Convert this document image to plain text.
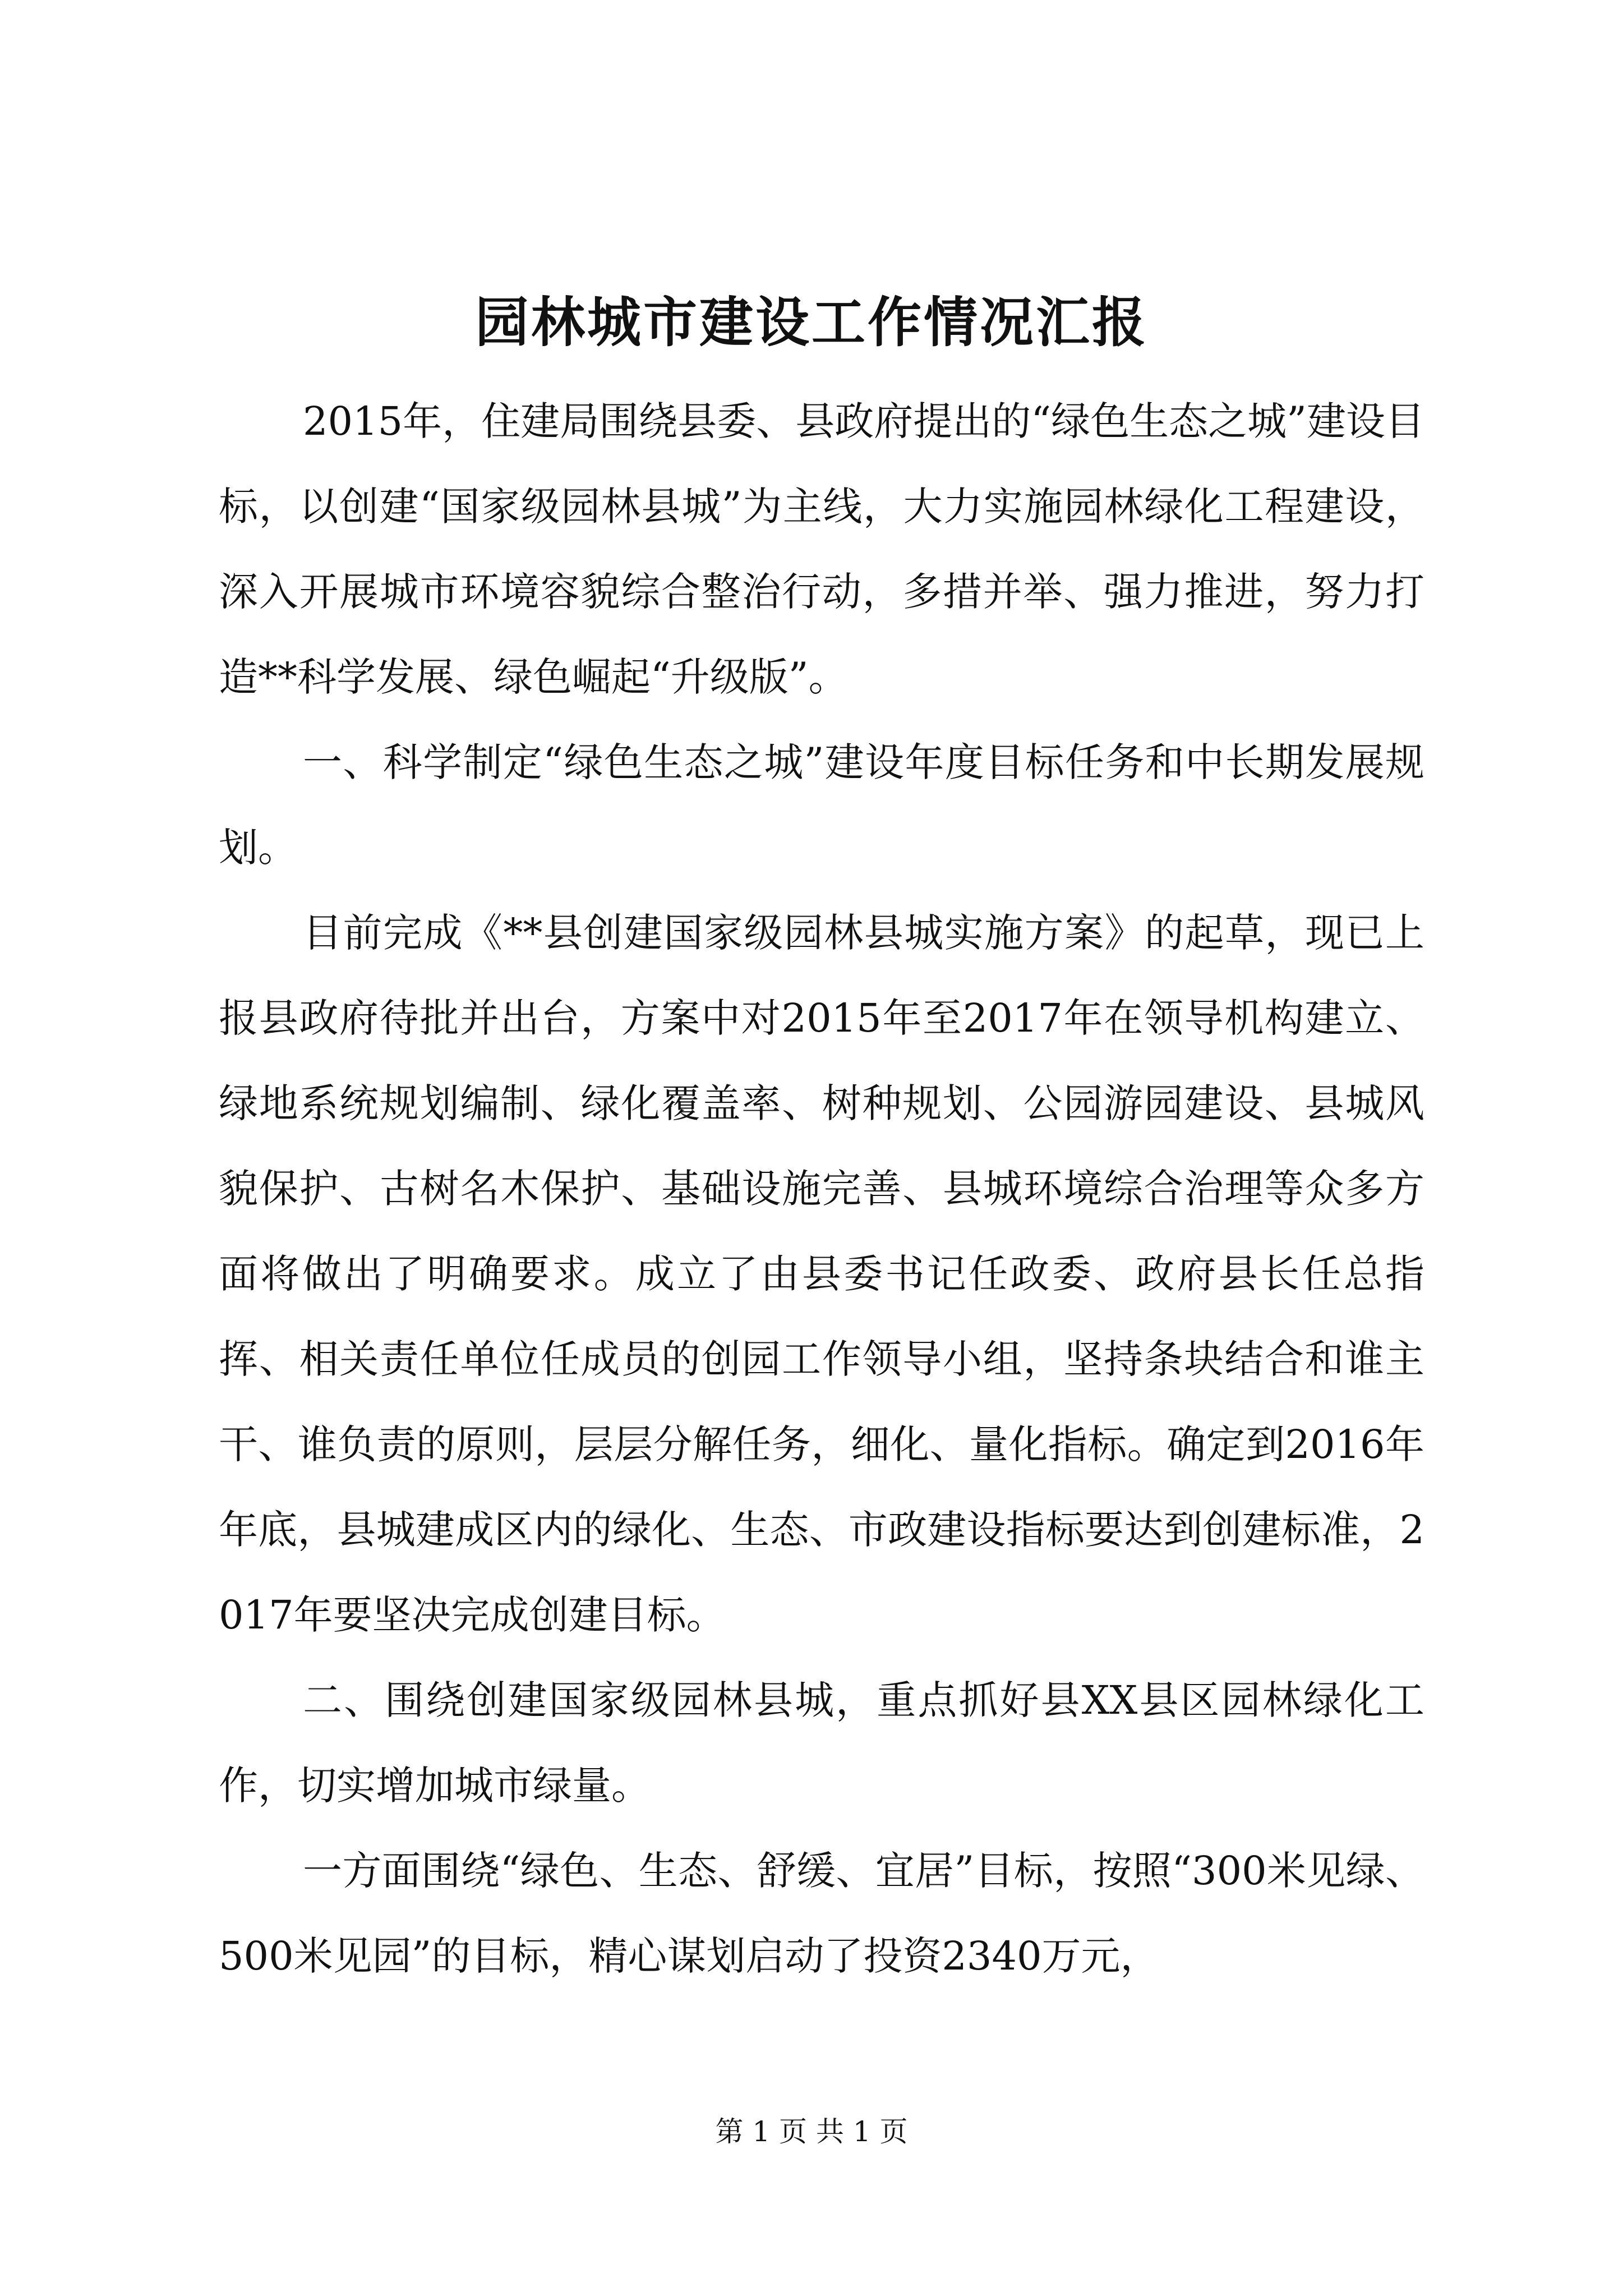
园林城市建设工作情况汇报

2015年，住建局围绕县委、县政府提出的“绿色生态之城”建设目标，以创建“国家级园林县城”为主线，大力实施园林绿化工程建设，深入开展城市环境容貌综合整治行动，多措并举、强力推进，努力打造**科学发展、绿色崛起“升级版”。

一、科学制定“绿色生态之城”建设年度目标任务和中长期发展规划。

目前完成《**县创建国家级园林县城实施方案》的起草，现已上报县政府待批并出台，方案中对2015年至2017年在领导机构建立、绿地系统规划编制、绿化覆盖率、树种规划、公园游园建设、县城风貌保护、古树名木保护、基础设施完善、县城环境综合治理等众多方面将做出了明确要求。成立了由县委书记任政委、政府县长任总指挥、相关责任单位任成员的创园工作领导小组，坚持条块结合和谁主干、谁负责的原则，层层分解任务，细化、量化指标。确定到2016年年底，县城建成区内的绿化、生态、市政建设指标要达到创建标准，2017年要坚决完成创建目标。

二、围绕创建国家级园林县城，重点抓好县XX县区园林绿化工作，切实增加城市绿量。

一方面围绕“绿色、生态、舒缓、宜居”目标，按照“300米见绿、500米见园”的目标，精心谋划启动了投资2340万元，

第 1 页 共 1 页
